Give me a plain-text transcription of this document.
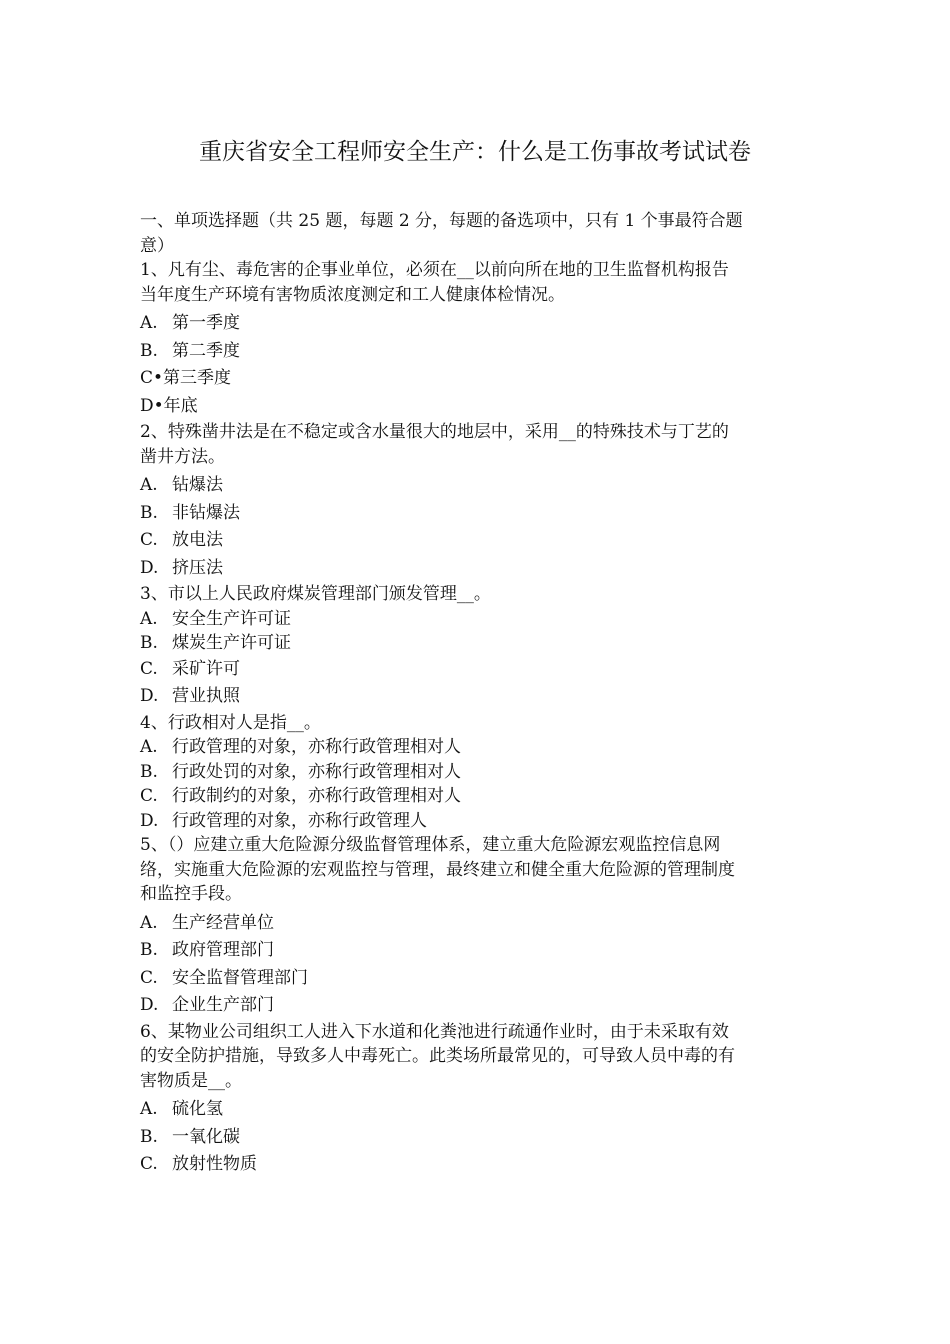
重庆省安全工程师安全生产：什么是工伤事故考试试卷
一、单项选择题（共 25 题，每题 2 分，每题的备选项中，只有 1 个事最符合题
意）
1、凡有尘、毒危害的企事业单位，必须在__以前向所在地的卫生监督机构报告
当年度生产环境有害物质浓度测定和工人健康体检情况。
A. 第一季度
B. 第二季度
C• 第三季度
D• 年底
2、特殊凿井法是在不稳定或含水量很大的地层中，采用__的特殊技术与丁艺的
凿井方法。
A. 钻爆法
B. 非钻爆法
C. 放电法
D. 挤压法
3、市以上人民政府煤炭管理部门颁发管理__。
A. 安全生产许可证
B. 煤炭生产许可证
C. 采矿许可
D. 营业执照
4、行政相对人是指__。
A. 行政管理的对象，亦称行政管理相对人
B. 行政处罚的对象，亦称行政管理相对人
C. 行政制约的对象，亦称行政管理相对人
D. 行政管理的对象，亦称行政管理人
5、（）应建立重大危险源分级监督管理体系，建立重大危险源宏观监控信息网
络，实施重大危险源的宏观监控与管理，最终建立和健全重大危险源的管理制度
和监控手段。
A. 生产经营单位
B. 政府管理部门
C. 安全监督管理部门
D. 企业生产部门
6、某物业公司组织工人进入下水道和化粪池进行疏通作业时，由于未采取有效
的安全防护措施，导致多人中毒死亡。此类场所最常见的，可导致人员中毒的有
害物质是__。
A. 硫化氢
B. 一氧化碳
C. 放射性物质
